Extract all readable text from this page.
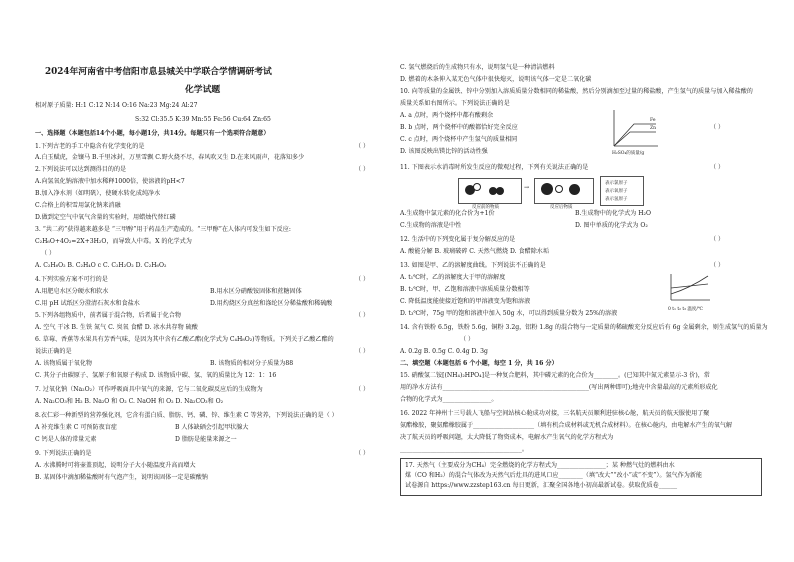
2024年河南省中考信阳市息县城关中学联合学情调研考试
化学试题
相对原子质量: H:1 C:12 N:14 O:16 Na:23 Mg:24 Al:27
S:32 Cl:35.5 K:39 Mn:55 Fe:56 Cu:64 Zn:65
一、选择题（本题包括14个小题，每小题1分，共14分。每题只有一个选项符合题意）
1.下列古老的手工中隐含有化学变化的是	（ ）
A.白玉赋虎，金镶马 B.千里冰封，万里雪飘 C.野火烧不尽，春风吹又生 D.在来风雨声，花落知多少
2.下列说法可以达到测得目的的是	（ ）
A.向氢氧化钠溶液中加水稀释1000倍，使溶液的pH<7
B.加入净水剂（如明矾），使硬水转化成纯净水
C.合格上的积雪用氯化钠来消融
D.做到定空气中氧气含量的实验时，用蜡烛代替红磷
3. “共二药”获得越来越多是 “三甲醇”用于药品生产造成的。“三甲醇”在人体内可发生如下反应:
C₂H₆O+4O₂=2X+3H₂O，而导致人中毒。X 的化学式为
（ ）
A. C₂H₆O₂ B. C₂H₄O c C. C₂H₂O₂ D. C₂H₆O₂
4.下列实验方案不可行的是	（ ）
A.用肥皂水区分硬水和软水	B.用水区分硝酸铵固体和蔗糖固体
C.用 pH 试纸区分澄清石灰水和食盐水	D.用灼烧区分真丝和涤纶区分稀盐酸和稀硫酸
5.下列各组物质中，前者属于混合物，后者属于化合物	（ ）
A. 空气 干冰 B. 生铁 氮气 C. 臭氧 食醋 D. 冰水共存物 硫酸
6. 草莓、香蕉等水果具有芳香气味，是因为其中含有乙酸乙酯(化学式为 C₄H₈O₂)等物质。下列关于乙酸乙酯的
说法正确的是	（ ）
A. 该物质属于氧化物	B. 该物质的相对分子质量为88
C. 其分子由碳原子、氢原子和氧原子构成 D. 该物质中碳、氢、氧的质量比为 12：1：16
7. 过氧化钠（Na₂O₂）可作呼吸面具中氧气的来源，它与二氧化碳反应后的生成物为	（ ）
A. Na₂CO₃和 H₂ B. Na₂O 和 O₂ C. NaOH 和 O₂ D. Na₂CO₃和 O₂
8.衣仁彩一种新型的营养强化剂，它含有蛋白质、脂肪、钙、磷、锌、维生素 C 等营养，下列说法正确的是（ ）
A 补充维生素 C 可预防夜盲症	B 人体缺硒会引起甲状腺大
C 钙是人体的常量元素	D 脂肪是能量来源之一
9. 下列说法正确的是	（ ）
A. 水沸腾时可将壶盖顶起，说明分子大小随温度升高而增大
B. 某固体中滴加稀盐酸时有气泡产生，说明该固体一定是碳酸钠
C. 氢气燃烧后的生成物只有水，说明氢气是一种清洁燃料
D. 燃着的木条伸入某无色气体中很快熄灭，说明该气体一定是二氧化碳
10. 向等质量的金属铁、锌中分别加入溶质质量分数相同的稀盐酸，然后分别滴加至过量的稀盐酸，产生氢气的质量与加入稀盐酸的
质量关系如右图所示。下列说法正确的是
（ ）
A. a 点时，两个烧杯中都有酸剩余
B. b 点时，两个烧杯中的酸都恰好完全反应
C. c 点时，两个烧杯中产生氢气的质量相同
D. 该图反映出镁比锌的活动性强
Fe
Zn
H₂SO₄的质量/g
11. 下图表示水消毒时所发生反应的微观过程，下列有关说法正确的是	（ ）
→
反应前的物质	反应后物质
表示氯原子
表示氧原子
表示氢原子
A.生成物中氯元素的化合价为+1价	B.生成物中的化学式为 H₂O
C.生成物的溶液是中性	D. 图中单质的化学式为 O₂
12. 生活中的下列变化属于复分解反应的是	（ ）
A. 酸能分解 B. 玻璃破碎 C. 天然气燃烧 D. 食醋除水垢
13. 如图是甲、乙的溶解度曲线。下列说法不正确的是	（ ）
A. t₁℃时，乙的溶解度大于甲的溶解度
B. t₂℃时，甲、乙饱和溶液中溶质质量分数相等
C. 降低温度能使接近饱和的甲溶液变为饱和溶液
D. t₃℃时，75g 甲的饱和溶液中加入 50g 水，可以得到质量分数为 25%的溶液
0 t₁ t₂ t₃ 温度/℃
14. 含有铁粉 6.5g，铁粉 5.6g，铜粉 3.2g，铝粉 1.8g 的混合物与一定质量的稀硫酸充分反应后有 6g 金属剩余，则生成氢气的质量为
（ ）
A. 0.2g B. 0.5g C. 0.4g D. 3g
二、填空题（本题包括 6 个小题，每空 1 分，共 16 分）
15. 硝酸氢二铵[(NH₄)₂HPO₄]是一种复合肥料，其中磷元素的化合价为________。(已知其中氮元素显示-3 价)，常
用的净水方法有________________________________________________(写出两种即可);地壳中含量最高的元素所形成化
合物的化学式为________________。
16. 2022 年神州十三号载人飞船与空间站核心舱成功对接，三名航天员顺利进驻核心舱，航天员的航天服使用了聚
氨酯橡胶，聚氨酯橡胶属于____________________（填有机合成材料或无机合成材料）。在核心舱内，由电解水产生的氧气解
决了航天员的呼吸问题，太大降低了物资成本，电解水产生氧气的化学方程式为
________________________________________。
17. 天然气（主要成分为CH₄）完全燃烧的化学方程式为________________；某 种燃气灶的燃料由水
煤（CO 和H₂）的混合气体改为天然气后灶具的进风口应________（填“改大”“改小”或“不变”）。氢气作为新能
试卷源自 https://www.zzstep163.cn 每日更新，汇聚全国各地小初高最新试卷。获取优质卷______
